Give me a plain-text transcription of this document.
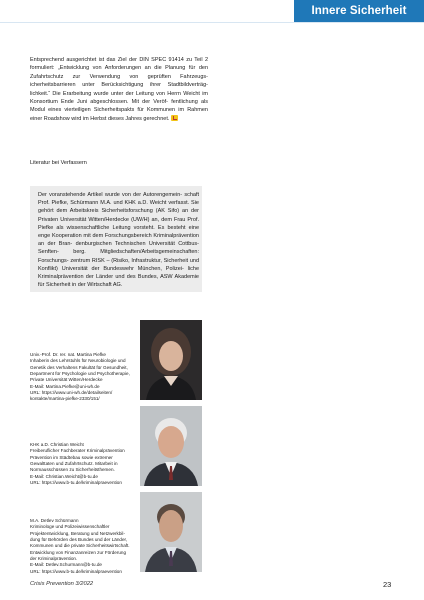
Innere Sicherheit

Entsprechend ausgerichtet ist das Ziel der DIN SPEC 91414 zu Teil 2 formuliert: „Entwicklung von Anforderungen an die Planung für den Zufahrtschutz zur Verwendung von geprüften Fahrzeugs- icherheitsbarrieren unter Berücksichtigung ihrer Stadtbildverträg- lichkeit.“ Die Erarbeitung wurde unter der Leitung von Herrn Weicht im Konsortium Ende Juni abgeschlossen. Mit der Veröf- fentlichung als Modul eines vierteiligen Sicherheitspakts für Kommunen im Rahmen einer Roadshow wird im Herbst dieses Jahres gerechnet.

Literatur bei Verfassern

Der voranstehende Artikel wurde von der Autorengemein- schaft Prof. Piefke, Schürmann M.A. und KHK a.D. Weicht verfasst. Sie gehört dem Arbeitskreis Sicherheitsforschung (AK Sifo) an der Privaten Universität Witten/Herdecke (UW/H) an, dem Frau Prof. Piefke als wissenschaftliche Leitung vorsteht. Es besteht eine enge Kooperation mit dem Forschungsbereich Kriminalprävention an der Bran- denburgischen Technischen Universität Cottbus-Senften-	berg. Mitgliedschaften/Arbeitsgemeinschaften: Forschungs- zentrum RISK – (Risiko, Infrastruktur, Sicherheit und Konflikt) Universität der Bundeswehr München, Polizei- liche Kriminalprävention der Länder und des Bundes, ASW Akademie für Sicherheit in der Wirtschaft AG.

Univ.-Prof. Dr. rer. nat. Martina Piefke
Inhaberin des Lehrstuhls für Neurobiologie und
Genetik des Verhaltens Fakultät für Gesundheit,
Department für Psychologie und Psychotherapie,
Private Universität Witten/Herdecke
E-Mail: Martina.Piefke@uni-wh.de
URL: https://www.uni-wh.de/detailseiten/
kontakte/martina-piefke-2330/151/
KHK a.D. Christian Weicht
Freiberuflicher Fachberater Kriminalprävention
Prävention im Städtebau sowie extremer
Gewalttaten und Zufahrtschutz. Mitarbeit in
Normausschüssen zu Sicherheitsthemen.
E-Mail: Christian.Weicht@b-tu.de
URL: https://www.b-tu.de/kriminalpraevention
M.A. Detlev Schürmann
Kriminologe und Polizeiwissenschaftler
Projektentwicklung, Beratung und Netzwerkbil-
dung für Behörden des Bundes und der Länder,
Kommunen und die private Sicherheitswirtschaft.
Entwicklung von Finanzanreizen zur Förderung
der Kriminalprävention.
E-Mail: Detlev.Schurmann@b-tu.de
URL: https://www.b-tu.de/kriminalpraevention

Crisis Prevention 3/2022	23
